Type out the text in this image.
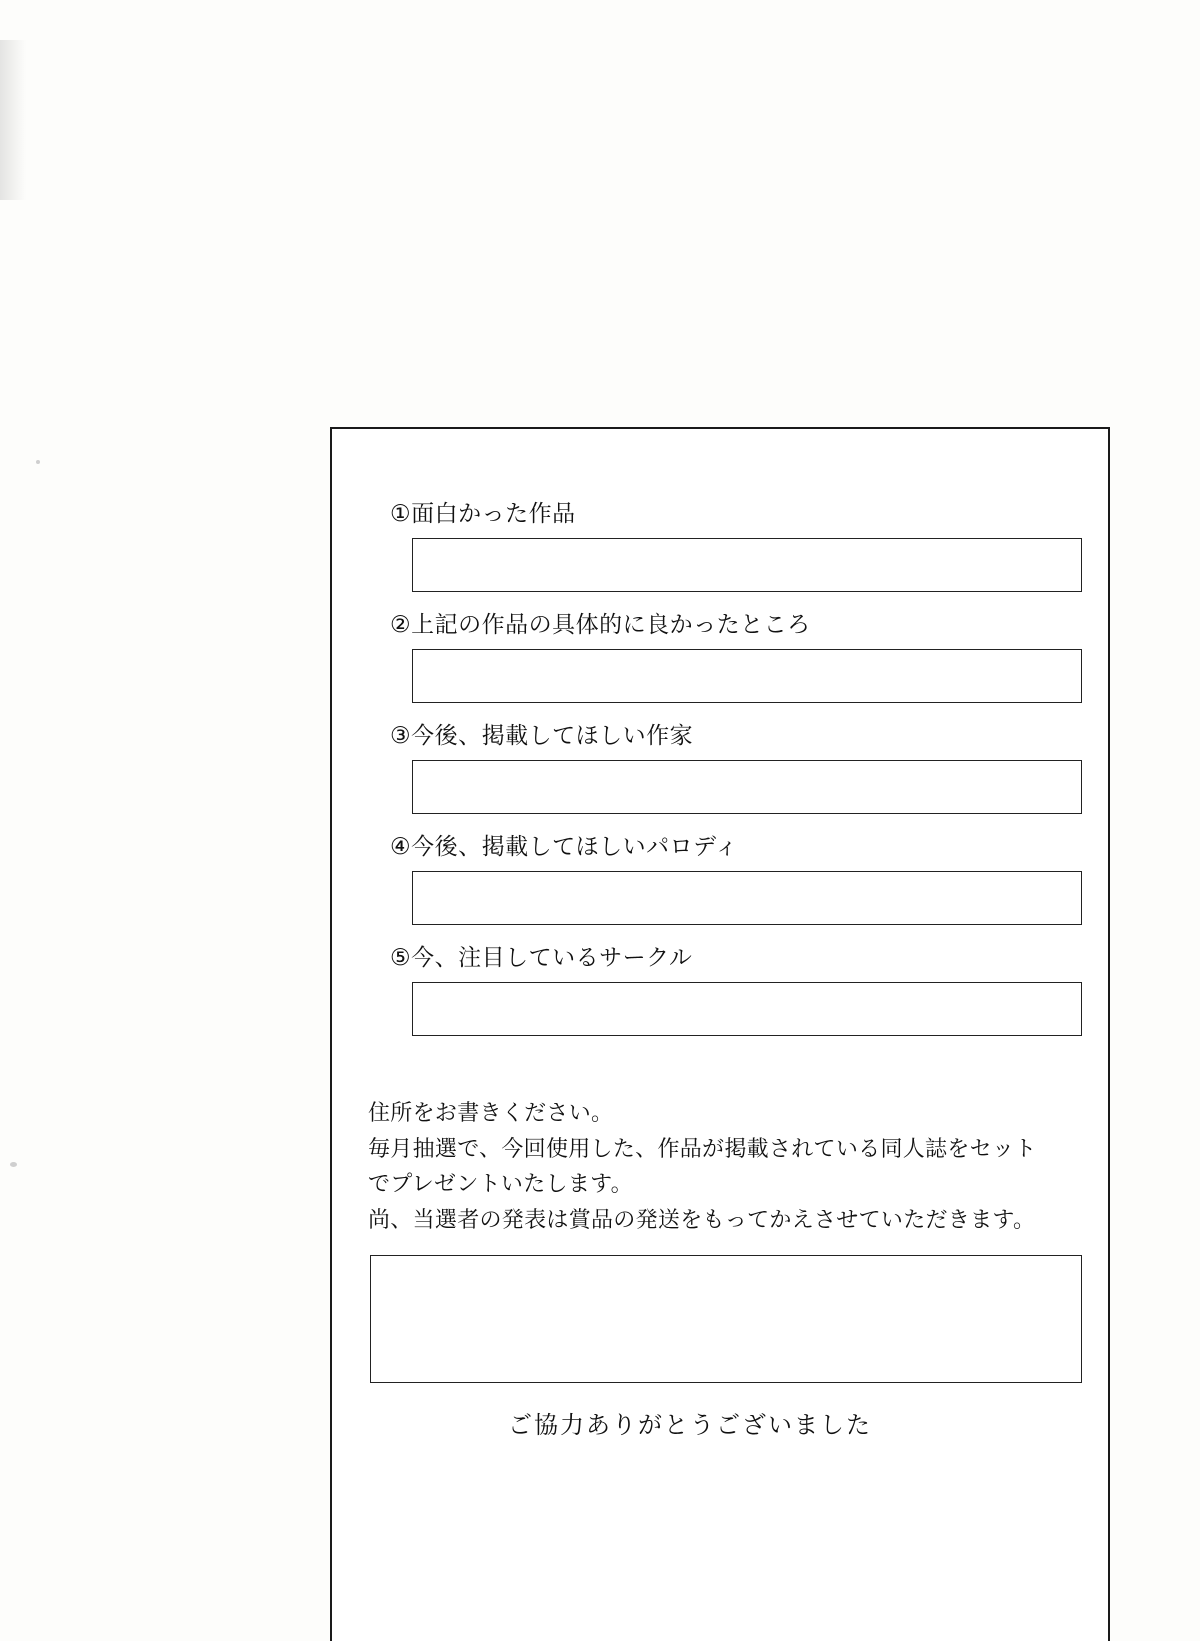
①面白かった作品
②上記の作品の具体的に良かったところ
③今後、掲載してほしい作家
④今後、掲載してほしいパロディ
⑤今、注目しているサークル
住所をお書きください。
毎月抽選で、今回使用した、作品が掲載されている同人誌をセット
でプレゼントいたします。
尚、当選者の発表は賞品の発送をもってかえさせていただきます。
ご協力ありがとうございました
